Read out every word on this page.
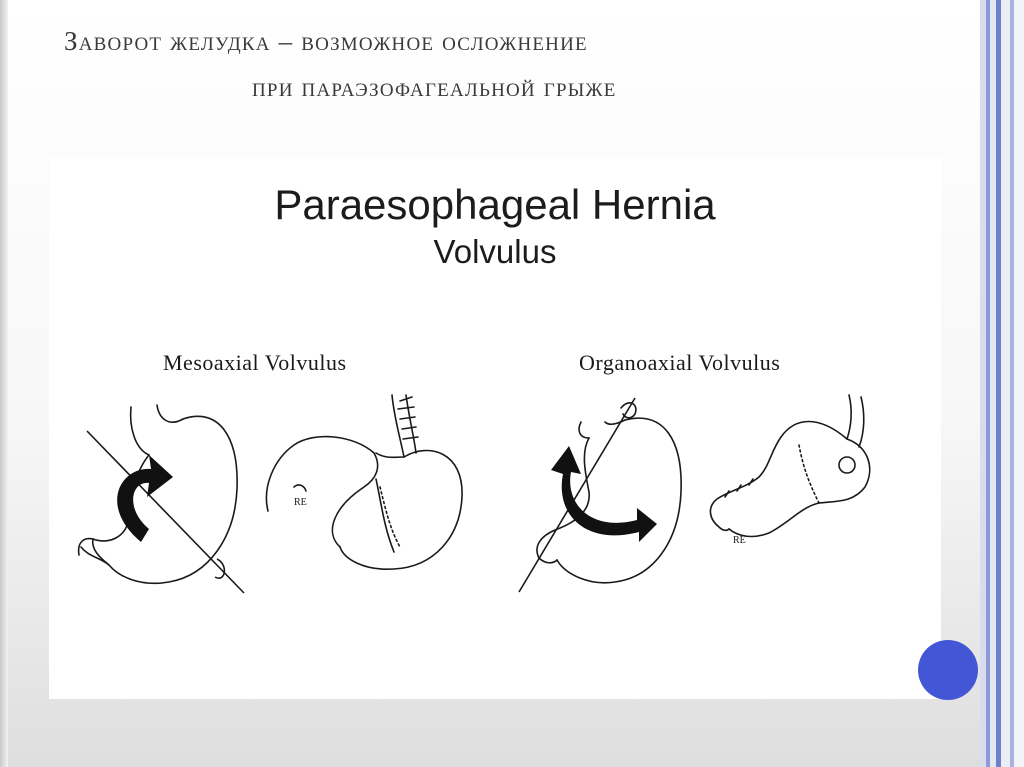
Заворот желудка – возможное осложнение
при параэзофагеальной грыже
Paraesophageal Hernia
Volvulus
Mesoaxial Volvulus	Organoaxial Volvulus
RE
RE
